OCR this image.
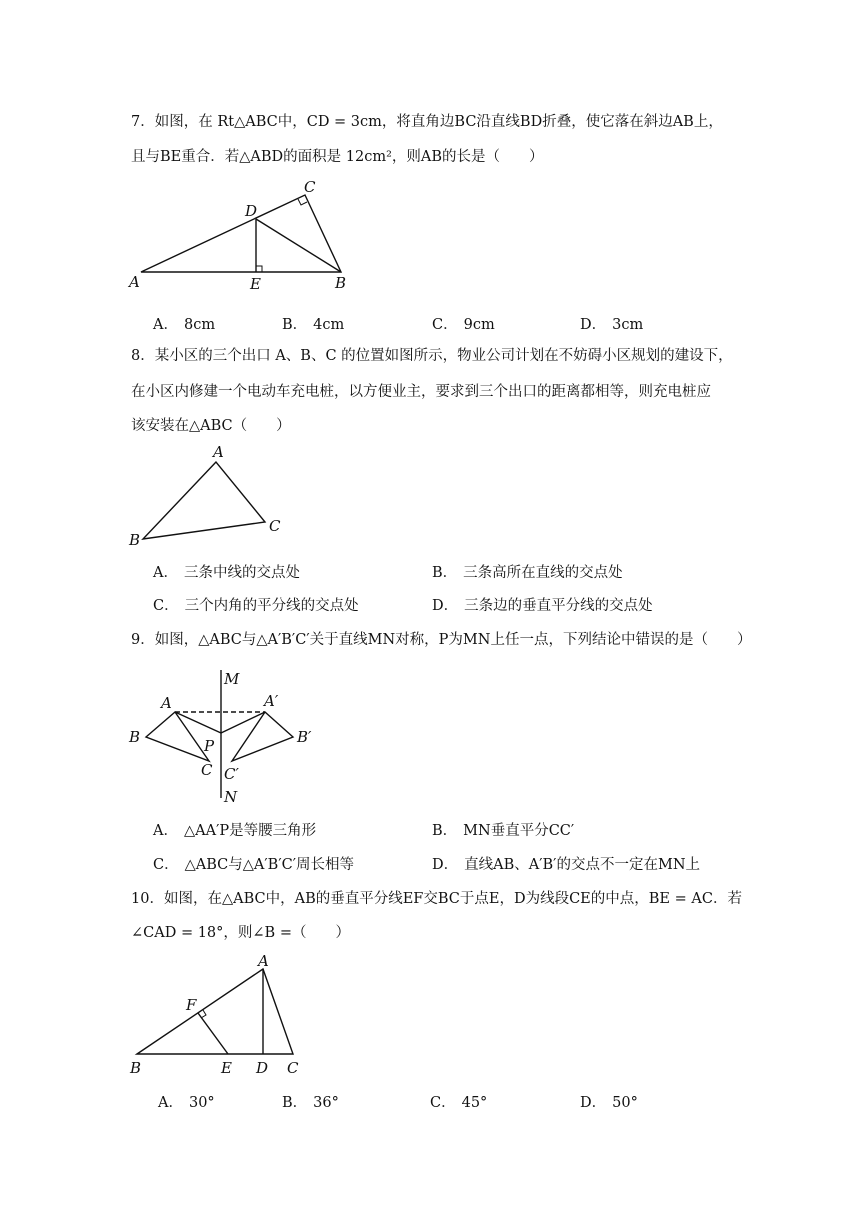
7．如图，在 Rt△ABC中，CD = 3cm，将直角边BC沿直线BD折叠，使它落在斜边AB上，
且与BE重合．若△ABD的面积是 12cm²，则AB的长是（　　）
A	B
C
D
E
A． 8cm	B． 4cm	C． 9cm	D． 3cm
8．某小区的三个出口 A、B、C 的位置如图所示，物业公司计划在不妨碍小区规划的建设下，
在小区内修建一个电动车充电桩，以方便业主，要求到三个出口的距离都相等，则充电桩应
该安装在△ABC（　　）
A
B
C
A． 三条中线的交点处	B． 三条高所在直线的交点处
C． 三个内角的平分线的交点处	D． 三条边的垂直平分线的交点处
9．如图，△ABC与△A′B′C′关于直线MN对称，P为MN上任一点，下列结论中错误的是（　　）
M
A	A′
B	B′
P
C C′
N
A． △AA′P是等腰三角形	B． MN垂直平分CC′
C． △ABC与△A′B′C′周长相等	D． 直线AB、A′B′的交点不一定在MN上
10．如图，在△ABC中，AB的垂直平分线EF交BC于点E，D为线段CE的中点，BE = AC．若
∠CAD = 18°，则∠B =（　　）
A
F
B	E D C
A． 30°	B． 36°	C． 45°	D． 50°
